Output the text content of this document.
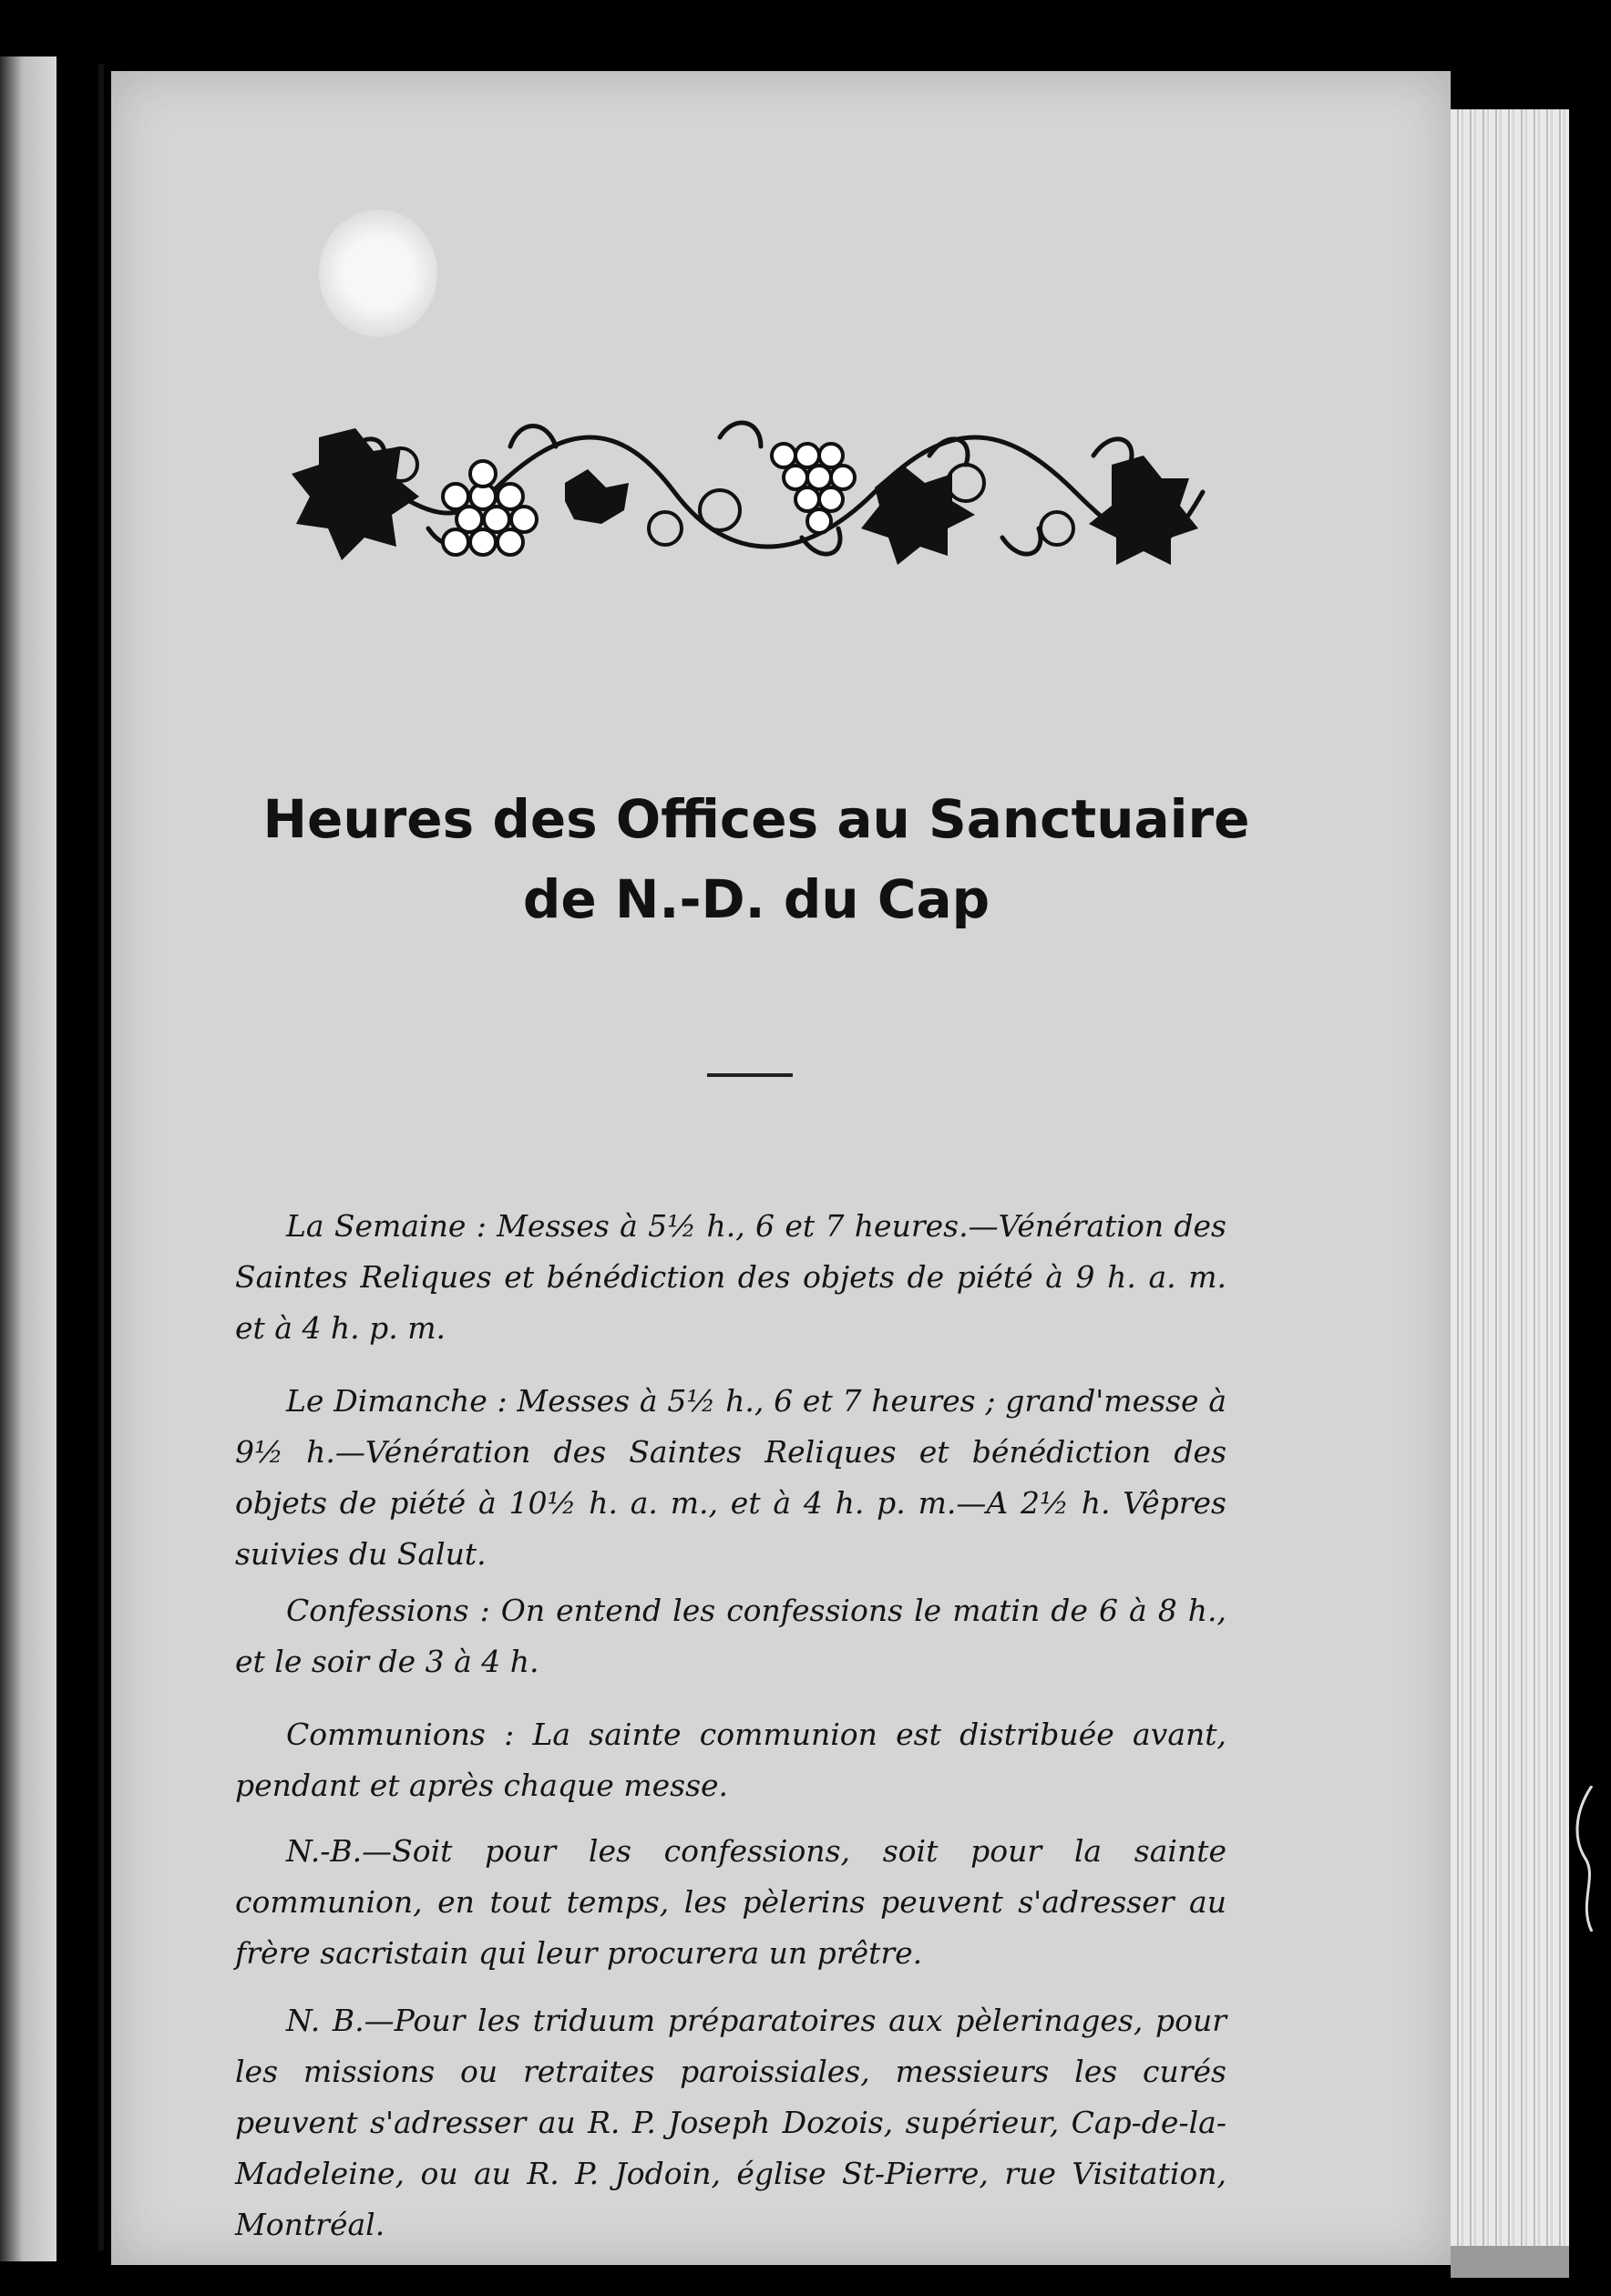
Heures des Offices au Sanctuaire
de N.-D. du Cap

La Semaine : Messes à 5½ h., 6 et 7 heures.—Vénération des Saintes Reliques et bénédiction des objets de piété à 9 h. a. m. et à 4 h. p. m.

Le Dimanche : Messes à 5½ h., 6 et 7 heures ; grand'messe à 9½ h.—Vénération des Saintes Reliques et bénédiction des objets de piété à 10½ h. a. m., et à 4 h. p. m.—A 2½ h. Vêpres suivies du Salut.

Confessions : On entend les confessions le matin de 6 à 8 h., et le soir de 3 à 4 h.

Communions : La sainte communion est distribuée avant, pendant et après chaque messe.

N.-B.—Soit pour les confessions, soit pour la sainte communion, en tout temps, les pèlerins peuvent s'adresser au frère sacristain qui leur procurera un prêtre.

N. B.—Pour les triduum préparatoires aux pèlerinages, pour les missions ou retraites paroissiales, messieurs les curés peuvent s'adresser au R. P. Joseph Dozois, supérieur, Cap-de-la-Madeleine, ou au R. P. Jodoin, église St-Pierre, rue Visitation, Montréal.
